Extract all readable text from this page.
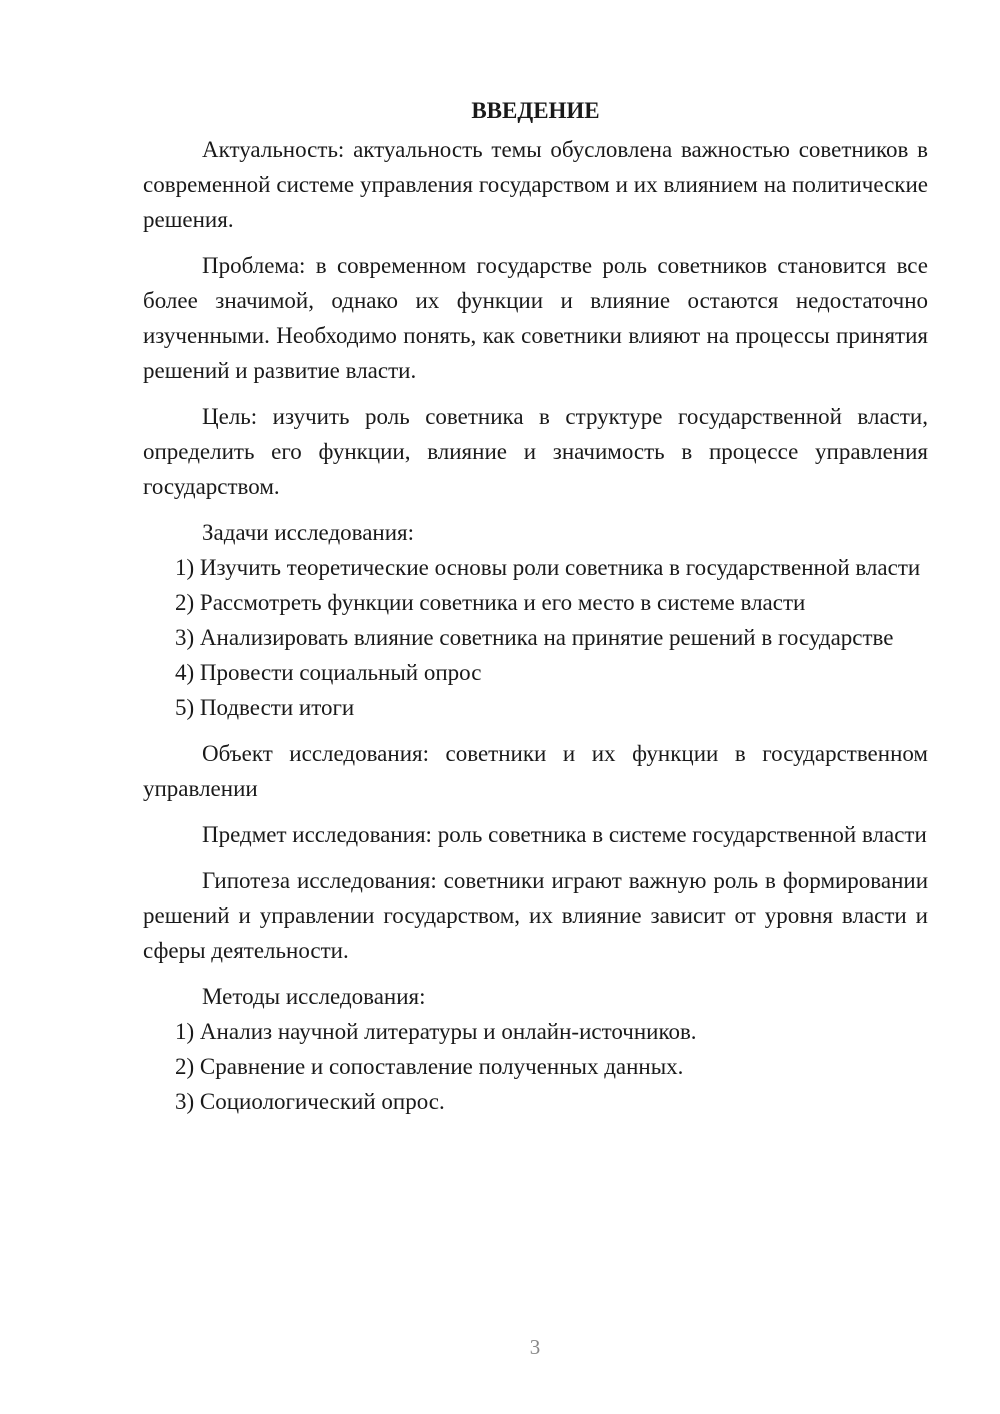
ВВЕДЕНИЕ

Актуальность: актуальность темы обусловлена важностью советников в современной системе управления государством и их влиянием на политические решения.

Проблема: в современном государстве роль советников становится все более значимой, однако их функции и влияние остаются недостаточно изученными. Необходимо понять, как советники влияют на процессы принятия решений и развитие власти.

Цель: изучить роль советника в структуре государственной власти, определить его функции, влияние и значимость в процессе управления государством.

Задачи исследования:

1) Изучить теоретические основы роли советника в государственной власти

2) Рассмотреть функции советника и его место в системе власти

3) Анализировать влияние советника на принятие решений в государстве

4) Провести социальный опрос

5) Подвести итоги

Объект исследования: советники и их функции в государственном управлении

Предмет исследования: роль советника в системе государственной власти

Гипотеза исследования: советники играют важную роль в формировании решений и управлении государством, их влияние зависит от уровня власти и сферы деятельности.

Методы исследования:

1) Анализ научной литературы и онлайн-источников.

2) Сравнение и сопоставление полученных данных.

3) Социологический опрос.

3
